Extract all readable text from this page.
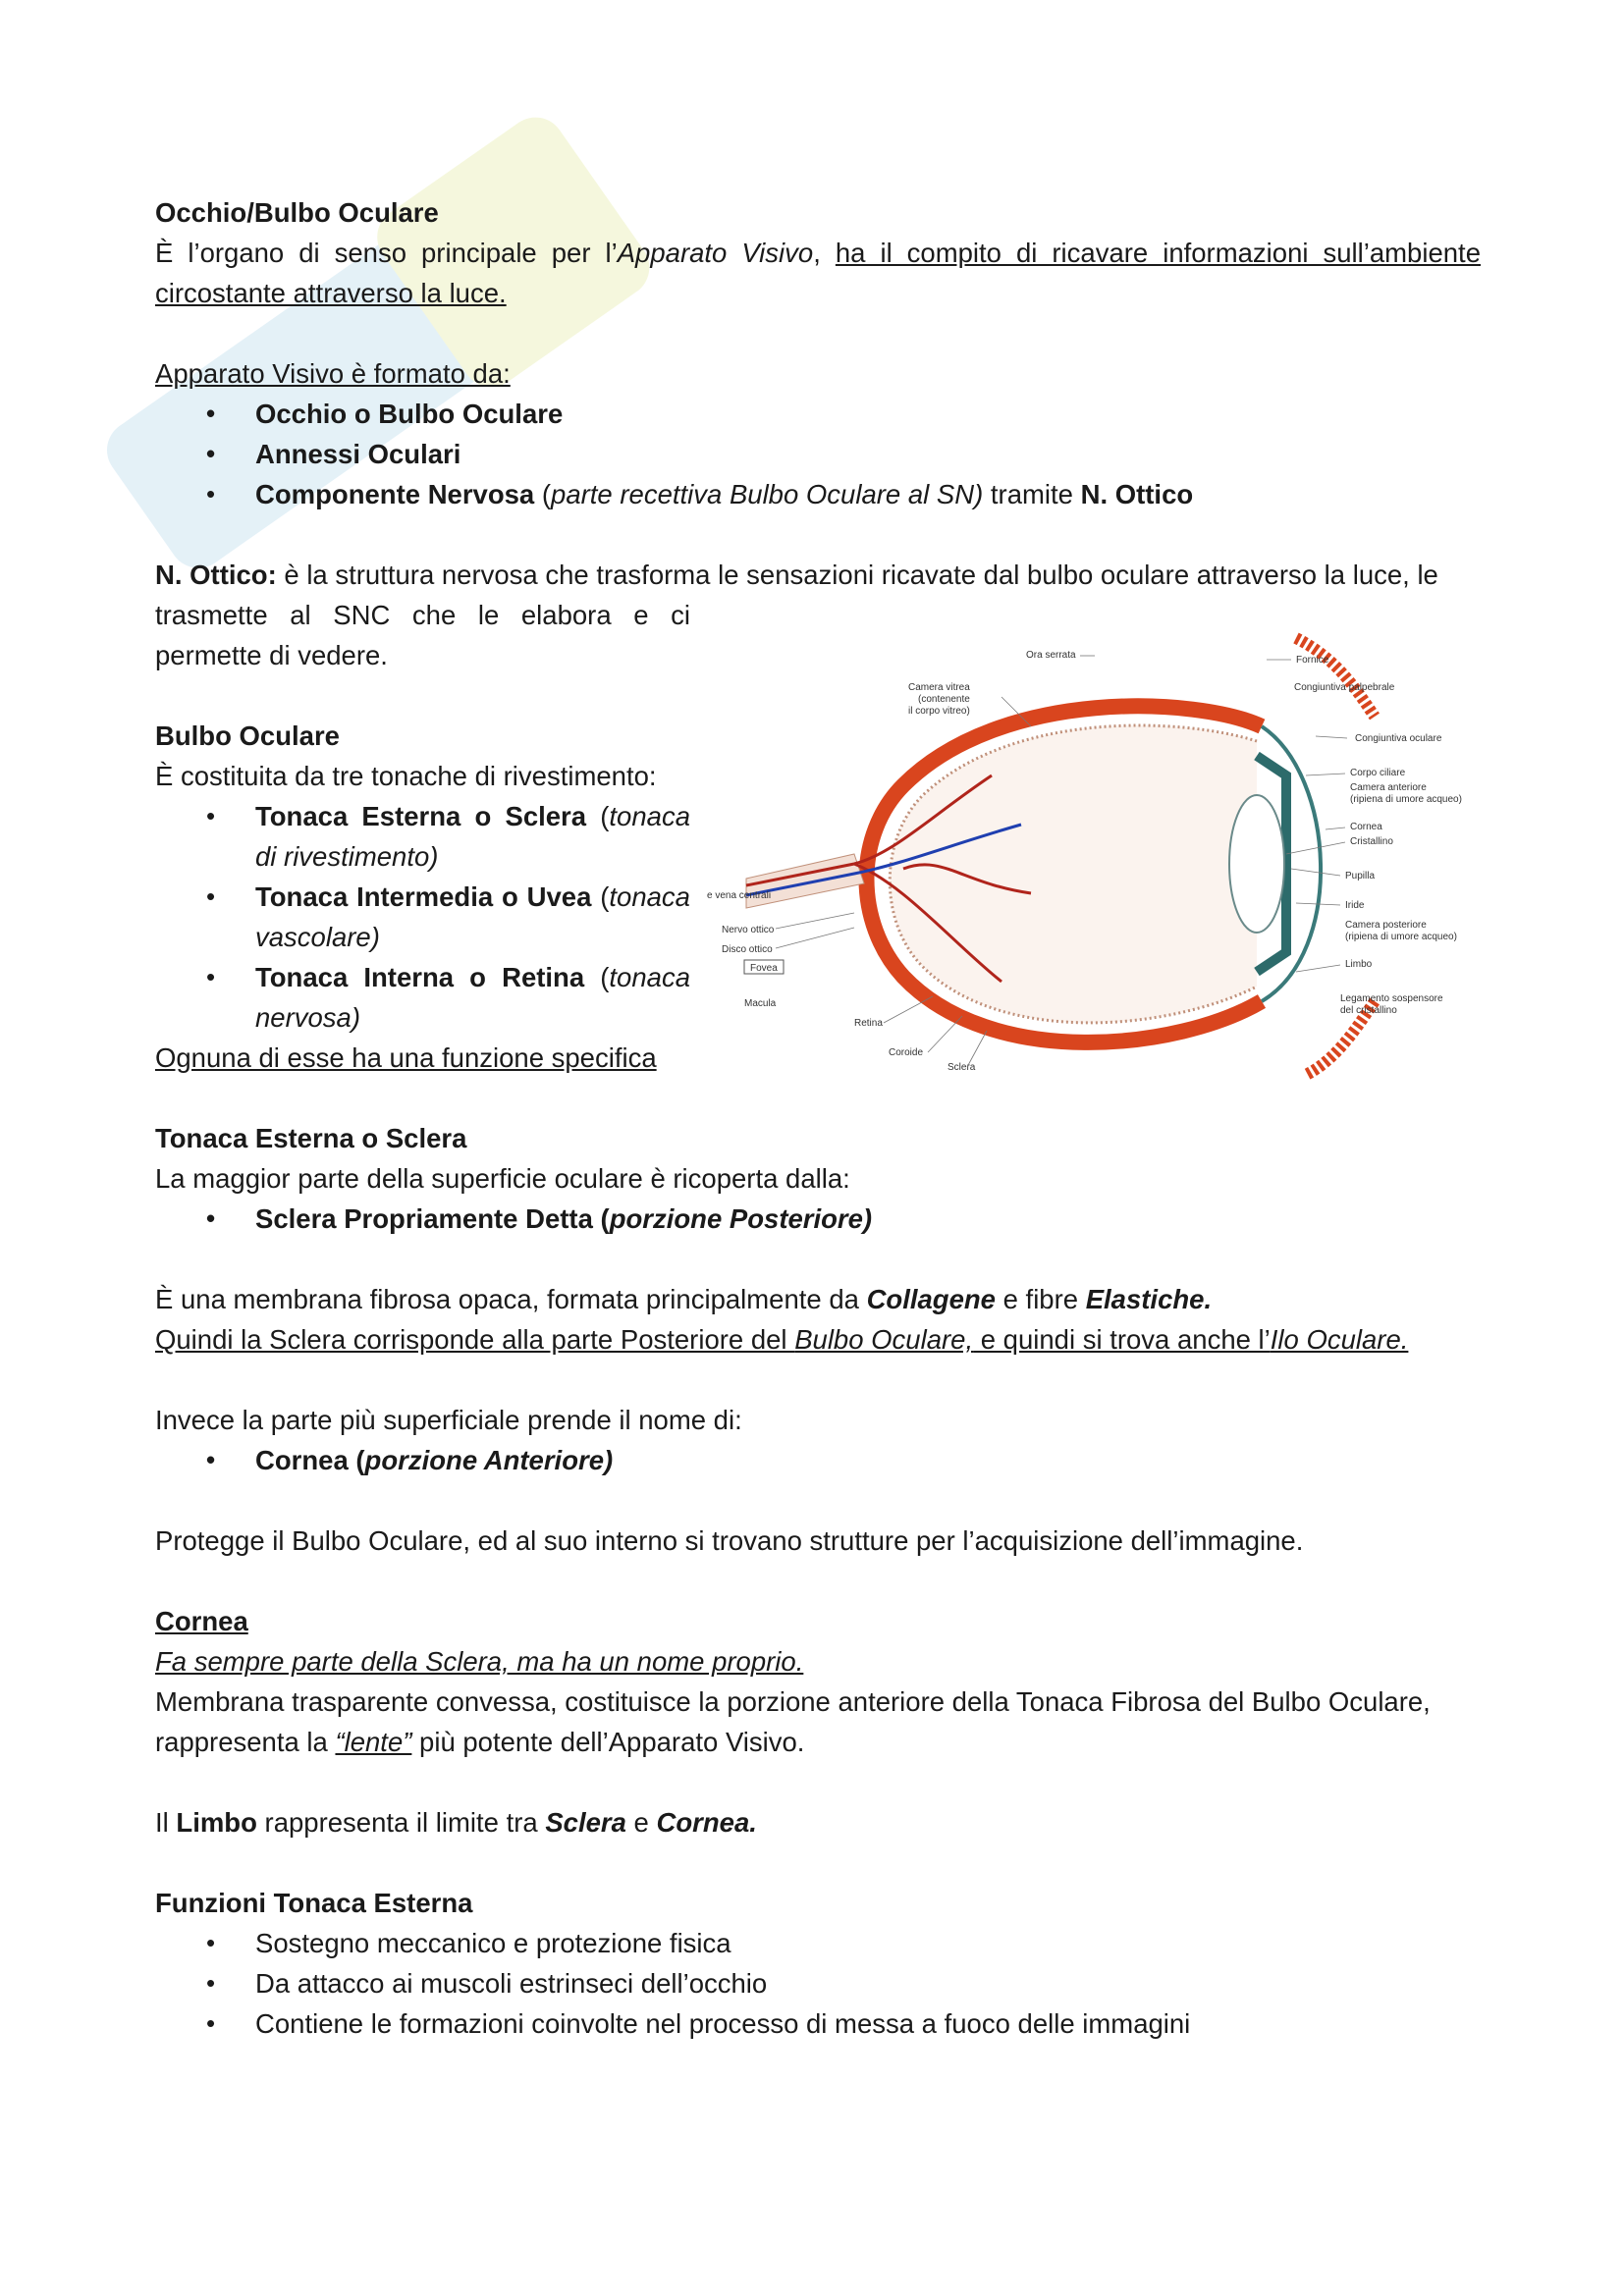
Occhio/Bulbo Oculare

È l’organo di senso principale per l’Apparato Visivo, ha il compito di ricavare informazioni sull’ambiente circostante attraverso la luce.

Apparato Visivo è formato da:

• Occhio o Bulbo Oculare
• Annessi Oculari
• Componente Nervosa (parte recettiva Bulbo Oculare al SN) tramite N. Ottico

N. Ottico: è la struttura nervosa che trasforma le sensazioni ricavate dal bulbo oculare attraverso la luce, le

trasmette al SNC che le elabora e ci

permette di vedere.

Bulbo Oculare

È costituita da tre tonache di rivestimento:

• Tonaca Esterna o Sclera (tonaca di rivestimento)
• Tonaca Intermedia o Uvea (tonaca vascolare)
• Tonaca Interna o Retina (tonaca nervosa)

Ognuna di esse ha una funzione specifica

Tonaca Esterna o Sclera

La maggior parte della superficie oculare è ricoperta dalla:

• Sclera Propriamente Detta (porzione Posteriore)

È una membrana fibrosa opaca, formata principalmente da Collagene e fibre Elastiche.

Quindi la Sclera corrisponde alla parte Posteriore del Bulbo Oculare, e quindi si trova anche l’Ilo Oculare.

Invece la parte più superficiale prende il nome di:

• Cornea (porzione Anteriore)

Protegge il Bulbo Oculare, ed al suo interno si trovano strutture per l’acquisizione dell’immagine.

Cornea

Fa sempre parte della Sclera, ma ha un nome proprio.

Membrana trasparente convessa, costituisce la porzione anteriore della Tonaca Fibrosa del Bulbo Oculare,

rappresenta la “lente” più potente dell’Apparato Visivo.

Il Limbo rappresenta il limite tra Sclera e Cornea.

Funzioni Tonaca Esterna

• Sostegno meccanico e protezione fisica
• Da attacco ai muscoli estrinseci dell’occhio
• Contiene le formazioni coinvolte nel processo di messa a fuoco delle immagini
Ora serrata	Fornice
Camera vitrea
(contenente
il corpo vitreo)
Congiuntiva palpebrale
Congiuntiva oculare
Corpo ciliare
Camera anteriore
(ripiena di umore acqueo)
Cornea
Cristallino
Pupilla
e vena centrali
Nervo ottico
Disco ottico
Fovea
Macula
Retina
Coroide
Sclera
Iride
Camera posteriore
(ripiena di umore acqueo)
Limbo
Legamento sospensore
del cristallino
